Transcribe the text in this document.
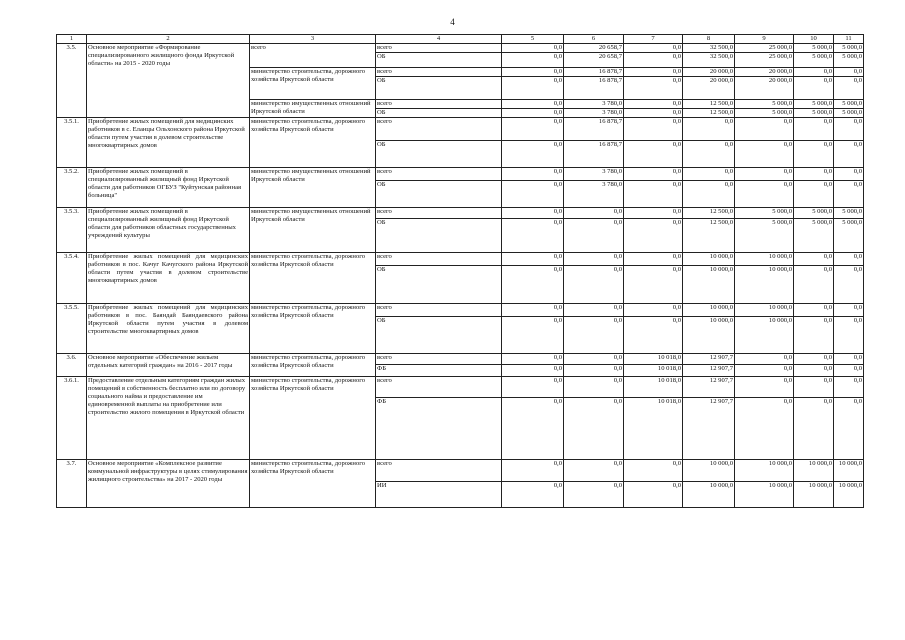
4
1	2	3	4	5	6	7	8	9	10	11
3.5.	Основное мероприятие «Формирование специализированного жилищного фонда Иркутской области» на 2015 - 2020 годы	всего	всего	0,0	20 658,7	0,0	32 500,0	25 000,0	5 000,0	5 000,0
			ОБ	0,0	20 658,7	0,0	32 500,0	25 000,0	5 000,0	5 000,0
		министерство строительства, дорожного хозяйства Иркутской области	всего	0,0	16 878,7	0,0	20 000,0	20 000,0	0,0	0,0
			ОБ	0,0	16 878,7	0,0	20 000,0	20 000,0	0,0	0,0
		министерство имущественных отношений Иркутской области	всего	0,0	3 780,0	0,0	12 500,0	5 000,0	5 000,0	5 000,0
			ОБ	0,0	3 780,0	0,0	12 500,0	5 000,0	5 000,0	5 000,0
3.5.1.	Приобретение жилых помещений для медицинских работников в с. Еланцы Ольхонского района Иркутской области путем участия в долевом строительстве многоквартирных домов	министерство строительства, дорожного хозяйства Иркутской области	всего	0,0	16 878,7	0,0	0,0	0,0	0,0	0,0
			ОБ	0,0	16 878,7	0,0	0,0	0,0	0,0	0,0
3.5.2.	Приобретение жилых помещений в специализированный жилищный фонд Иркутской области для работников ОГБУЗ "Куйтунская районная больница"	министерство имущественных отношений Иркутской области	всего	0,0	3 780,0	0,0	0,0	0,0	0,0	0,0
			ОБ	0,0	3 780,0	0,0	0,0	0,0	0,0	0,0
3.5.3.	Приобретение жилых помещений в специализированный жилищный фонд Иркутской области для работников областных государственных учреждений культуры	министерство имущественных отношений Иркутской области	всего	0,0	0,0	0,0	12 500,0	5 000,0	5 000,0	5 000,0
			ОБ	0,0	0,0	0,0	12 500,0	5 000,0	5 000,0	5 000,0
3.5.4.	Приобретение жилых помещений для медицинских работников в пос. Качуг Качугского района Иркутской области путем участия в долевом строительстве многоквартирных домов	министерство строительства, дорожного хозяйства Иркутской области	всего	0,0	0,0	0,0	10 000,0	10 000,0	0,0	0,0
			ОБ	0,0	0,0	0,0	10 000,0	10 000,0	0,0	0,0
3.5.5.	Приобретение жилых помещений для медицинских работников в пос. Баяндай Баяндаевского района Иркутской области путем участия в долевом строительстве многоквартирных домов	министерство строительства, дорожного хозяйства Иркутской области	всего	0,0	0,0	0,0	10 000,0	10 000,0	0,0	0,0
			ОБ	0,0	0,0	0,0	10 000,0	10 000,0	0,0	0,0
3.6.	Основное мероприятие «Обеспечение жильем отдельных категорий граждан» на 2016 - 2017 годы	министерство строительства, дорожного хозяйства Иркутской области	всего	0,0	0,0	10 018,0	12 907,7	0,0	0,0	0,0
			ФБ	0,0	0,0	10 018,0	12 907,7	0,0	0,0	0,0
3.6.1.	Предоставление отдельным категориям граждан жилых помещений в собственность бесплатно или по договору социального найма и предоставление им единовременной выплаты на приобретение или строительство жилого помещения в Иркутской области	министерство строительства, дорожного хозяйства Иркутской области	всего	0,0	0,0	10 018,0	12 907,7	0,0	0,0	0,0
			ФБ	0,0	0,0	10 018,0	12 907,7	0,0	0,0	0,0
3.7.	Основное мероприятие «Комплексное развитие коммунальной инфраструктуры в целях стимулирования жилищного строительства» на 2017 - 2020 годы	министерство строительства, дорожного хозяйства Иркутской области	всего	0,0	0,0	0,0	10 000,0	10 000,0	10 000,0	10 000,0
			ИИ	0,0	0,0	0,0	10 000,0	10 000,0	10 000,0	10 000,0
